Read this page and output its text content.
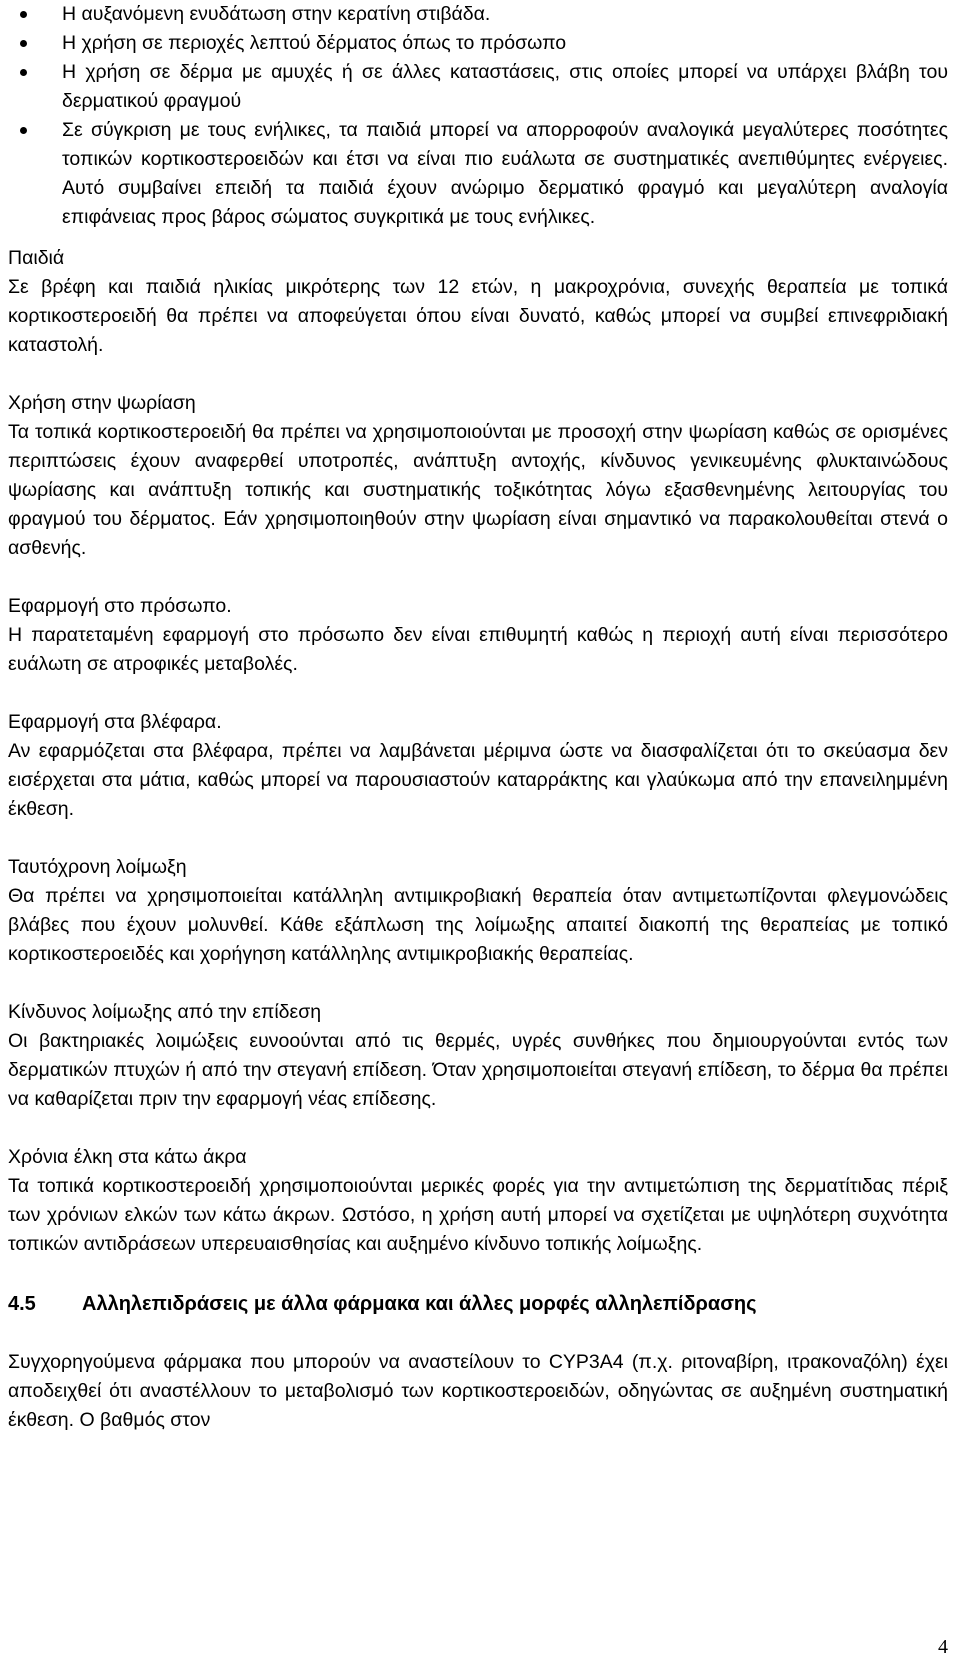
Η αυξανόμενη ενυδάτωση στην κερατίνη στιβάδα.
Η χρήση σε περιοχές λεπτού δέρματος όπως το πρόσωπο
Η χρήση σε δέρμα με αμυχές ή σε άλλες καταστάσεις, στις οποίες μπορεί να υπάρχει βλάβη του δερματικού φραγμού
Σε σύγκριση με τους ενήλικες, τα παιδιά μπορεί να απορροφούν αναλογικά μεγαλύτερες ποσότητες τοπικών κορτικοστεροειδών και έτσι να είναι πιο ευάλωτα σε συστηματικές ανεπιθύμητες ενέργειες. Αυτό συμβαίνει επειδή τα παιδιά έχουν ανώριμο δερματικό φραγμό και μεγαλύτερη αναλογία επιφάνειας προς βάρος σώματος συγκριτικά με τους ενήλικες.

Παιδιά

Σε βρέφη και παιδιά ηλικίας μικρότερης των 12 ετών, η μακροχρόνια, συνεχής θεραπεία με τοπικά κορτικοστεροειδή θα πρέπει να αποφεύγεται όπου είναι δυνατό, καθώς μπορεί να συμβεί επινεφριδιακή καταστολή.

Χρήση στην ψωρίαση

Τα τοπικά κορτικοστεροειδή θα πρέπει να χρησιμοποιούνται με προσοχή στην ψωρίαση καθώς σε ορισμένες περιπτώσεις έχουν αναφερθεί υποτροπές, ανάπτυξη αντοχής, κίνδυνος γενικευμένης φλυκταινώδους ψωρίασης και ανάπτυξη τοπικής και συστηματικής τοξικότητας λόγω εξασθενημένης λειτουργίας του φραγμού του δέρματος. Εάν χρησιμοποιηθούν στην ψωρίαση είναι σημαντικό να παρακολουθείται στενά ο ασθενής.

Εφαρμογή στο πρόσωπο.

Η παρατεταμένη εφαρμογή στο πρόσωπο δεν είναι επιθυμητή καθώς η περιοχή αυτή είναι περισσότερο ευάλωτη σε ατροφικές μεταβολές.

Εφαρμογή στα βλέφαρα.

Αν εφαρμόζεται στα βλέφαρα, πρέπει να λαμβάνεται μέριμνα ώστε να διασφαλίζεται ότι το σκεύασμα δεν εισέρχεται στα μάτια, καθώς μπορεί να παρουσιαστούν καταρράκτης και γλαύκωμα από την επανειλημμένη έκθεση.

Ταυτόχρονη λοίμωξη

Θα πρέπει να χρησιμοποιείται κατάλληλη αντιμικροβιακή θεραπεία όταν αντιμετωπίζονται φλεγμονώδεις βλάβες που έχουν μολυνθεί. Κάθε εξάπλωση της λοίμωξης απαιτεί διακοπή της θεραπείας με τοπικό κορτικοστεροειδές και χορήγηση κατάλληλης αντιμικροβιακής θεραπείας.

Κίνδυνος λοίμωξης από την επίδεση

Οι βακτηριακές λοιμώξεις ευνοούνται από τις θερμές, υγρές συνθήκες που δημιουργούνται εντός των δερματικών πτυχών ή από την στεγανή επίδεση. Όταν χρησιμοποιείται στεγανή επίδεση, το δέρμα θα πρέπει να καθαρίζεται πριν την εφαρμογή νέας επίδεσης.

Χρόνια έλκη στα κάτω άκρα

Τα τοπικά κορτικοστεροειδή χρησιμοποιούνται μερικές φορές για την αντιμετώπιση της δερματίτιδας πέριξ των χρόνιων ελκών των κάτω άκρων. Ωστόσο, η χρήση αυτή μπορεί να σχετίζεται με υψηλότερη συχνότητα τοπικών αντιδράσεων υπερευαισθησίας και αυξημένο κίνδυνο τοπικής λοίμωξης.

4.5 Αλληλεπιδράσεις με άλλα φάρμακα και άλλες μορφές αλληλεπίδρασης

Συγχορηγούμενα φάρμακα που μπορούν να αναστείλουν το CYP3A4 (π.χ. ριτοναβίρη, ιτρακοναζόλη) έχει αποδειχθεί ότι αναστέλλουν το μεταβολισμό των κορτικοστεροειδών, οδηγώντας σε αυξημένη συστηματική έκθεση. Ο βαθμός στον

4
